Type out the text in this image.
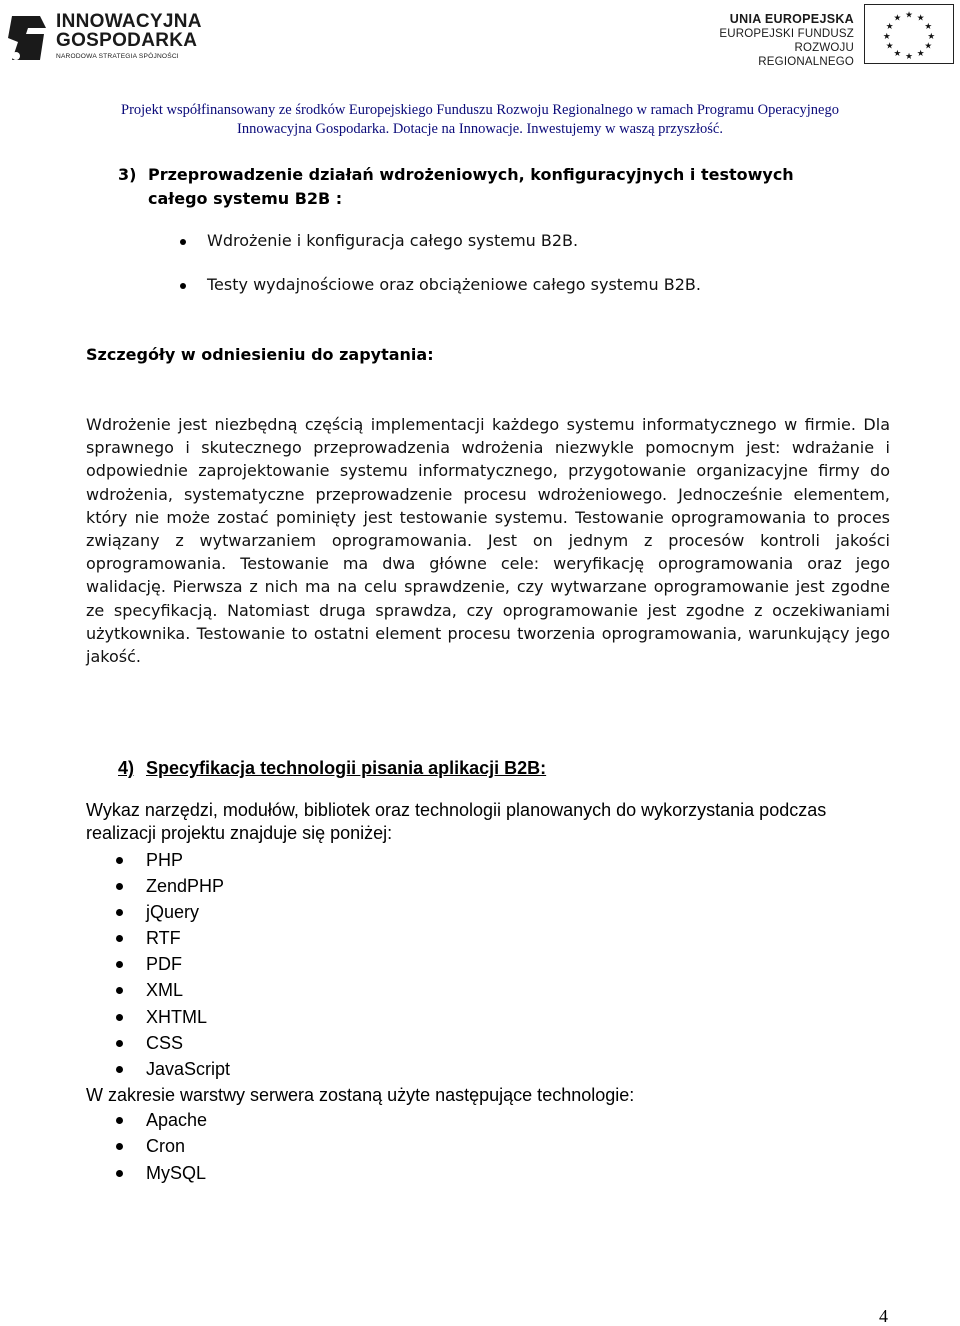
INNOWACYJNA
GOSPODARKA
NARODOWA STRATEGIA SPÓJNOŚCI
UNIA EUROPEJSKA
EUROPEJSKI FUNDUSZ
ROZWOJU REGIONALNEGO
★ ★
★
★
★
★
★
★
★
★
★
★
Projekt współfinansowany ze środków Europejskiego Funduszu Rozwoju Regionalnego w ramach Programu Operacyjnego
Innowacyjna Gospodarka. Dotacje na Innowacje. Inwestujemy w waszą przyszłość.
3) Przeprowadzenie działań wdrożeniowych, konfiguracyjnych i testowych
całego systemu B2B :
Wdrożenie i konfiguracja całego systemu B2B.
Testy wydajnościowe oraz obciążeniowe całego systemu B2B.
Szczegóły w odniesieniu do zapytania:

Wdrożenie jest niezbędną częścią implementacji każdego systemu informatycznego w firmie. Dla sprawnego i skutecznego przeprowadzenia wdrożenia niezwykle pomocnym jest: wdrażanie i odpowiednie zaprojektowanie systemu informatycznego, przygotowanie organizacyjne firmy do wdrożenia, systematyczne przeprowadzenie procesu wdrożeniowego. Jednocześnie elementem, który nie może zostać pominięty jest testowanie systemu. Testowanie oprogramowania to proces związany z wytwarzaniem oprogramowania. Jest on jednym z procesów kontroli jakości oprogramowania. Testowanie ma dwa główne cele: weryfikację oprogramowania oraz jego walidację. Pierwsza z nich ma na celu sprawdzenie, czy wytwarzane oprogramowanie jest zgodne ze specyfikacją. Natomiast druga sprawdza, czy oprogramowanie jest zgodne z oczekiwaniami użytkownika. Testowanie to ostatni element procesu tworzenia oprogramowania, warunkujący jego jakość.

4) Specyfikacja technologii pisania aplikacji B2B:

Wykaz narzędzi, modułów, bibliotek oraz technologii planowanych do wykorzystania podczas realizacji projektu znajduje się poniżej:

PHP
ZendPHP
jQuery
RTF
PDF
XML
XHTML
CSS
JavaScript

W zakresie warstwy serwera zostaną użyte następujące technologie:

Apache
Cron
MySQL
4
